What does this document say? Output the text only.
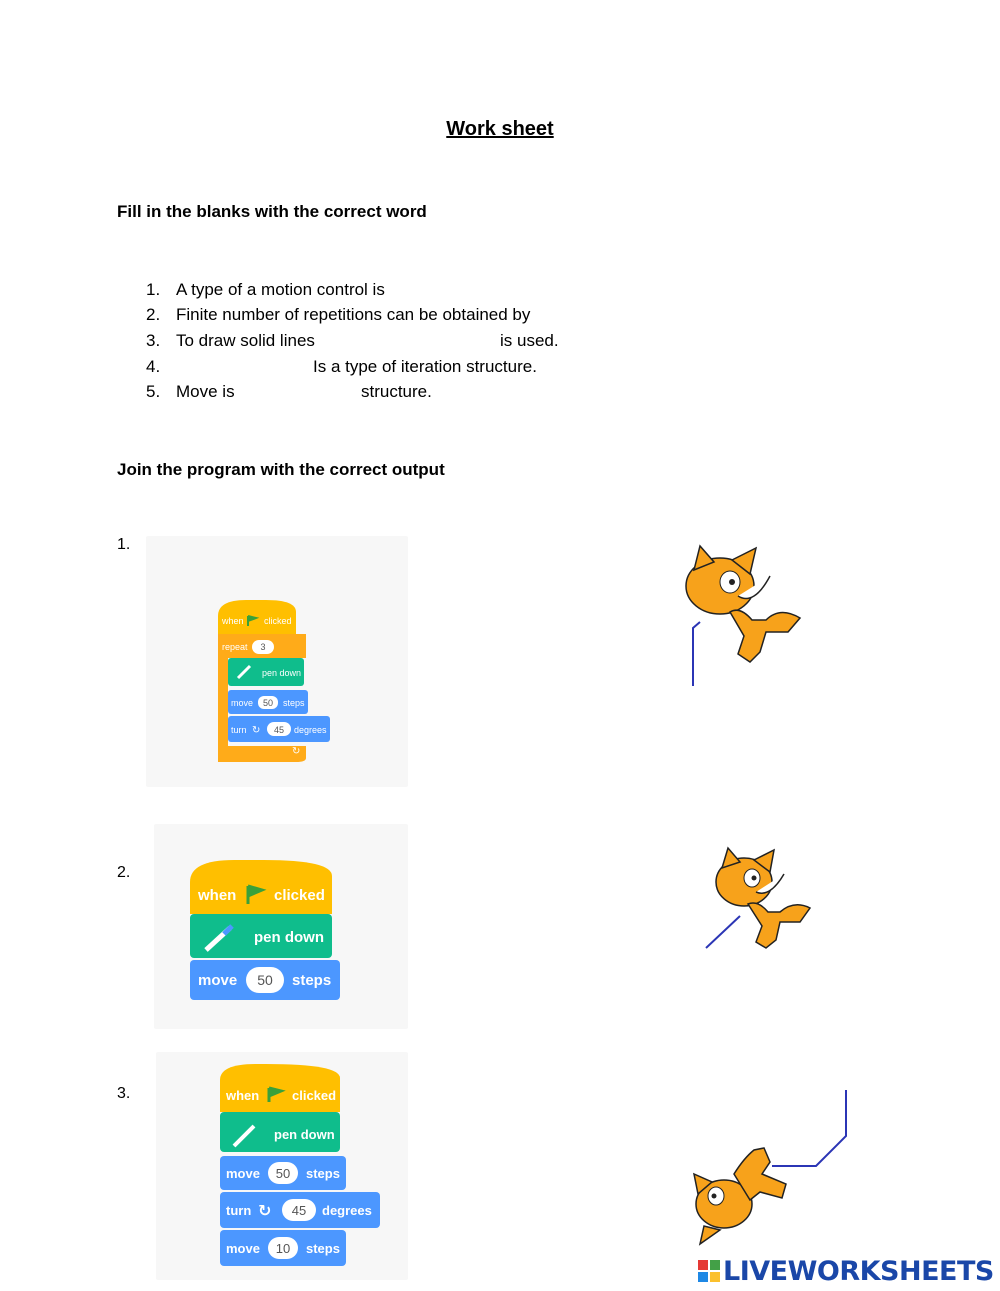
Work sheet
Fill in the blanks with the correct word
1. A type of a motion control is
2. Finite number of repetitions can be obtained by
3. To draw solid lines	is used.
4.	Is a type of iteration structure.
5. Move is	structure.
Join the program with the correct output
1.
2.
3.
when clicked
repeat 3
↻
pen down
move 50 steps
turn ↻ 45 degrees
when	clicked
pen down
move 50 steps
when	clicked
pen down
move 50 steps
turn ↻ 45 degrees
move 10 steps
LIVEWORKSHEETS
